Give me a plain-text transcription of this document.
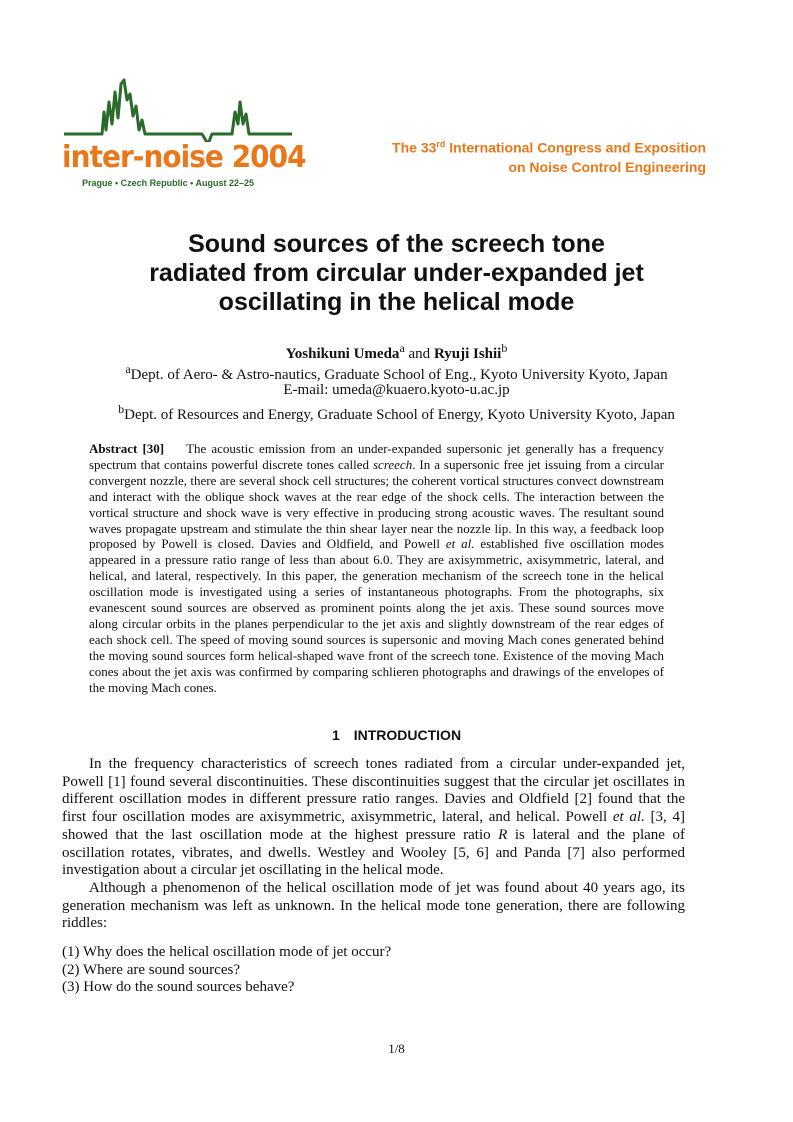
inter-noise 2004
Prague • Czech Republic • August 22–25
The 33rd International Congress and Exposition
on Noise Control Engineering
Sound sources of the screech tone
radiated from circular under-expanded jet
oscillating in the helical mode
Yoshikuni Umeda$^a$ and Ryuji Ishii$^b$
$^a$Dept. of Aero- & Astro-nautics, Graduate School of Eng., Kyoto University Kyoto, Japan
E-mail: umeda@kuaero.kyoto-u.ac.jp
$^b$Dept. of Resources and Energy, Graduate School of Energy, Kyoto University Kyoto, Japan
Abstract [30] The acoustic emission from an under-expanded supersonic jet generally has a frequency spectrum that contains powerful discrete tones called screech. In a supersonic free jet issuing from a circular convergent nozzle, there are several shock cell structures; the coherent vortical structures convect downstream and interact with the oblique shock waves at the rear edge of the shock cells. The interaction between the vortical structure and shock wave is very effective in producing strong acoustic waves. The resultant sound waves propagate upstream and stimulate the thin shear layer near the nozzle lip. In this way, a feedback loop proposed by Powell is closed. Davies and Oldfield, and Powell et al. established five oscillation modes appeared in a pressure ratio range of less than about 6.0. They are axisymmetric, axisymmetric, lateral, and helical, and lateral, respectively. In this paper, the generation mechanism of the screech tone in the helical oscillation mode is investigated using a series of instantaneous photographs. From the photographs, six evanescent sound sources are observed as prominent points along the jet axis. These sound sources move along circular orbits in the planes perpendicular to the jet axis and slightly downstream of the rear edges of each shock cell. The speed of moving sound sources is supersonic and moving Mach cones generated behind the moving sound sources form helical-shaped wave front of the screech tone. Existence of the moving Mach cones about the jet axis was confirmed by comparing schlieren photographs and drawings of the envelopes of the moving Mach cones.
1 INTRODUCTION

In the frequency characteristics of screech tones radiated from a circular under-expanded jet, Powell [1] found several discontinuities. These discontinuities suggest that the circular jet oscillates in different oscillation modes in different pressure ratio ranges. Davies and Oldfield [2] found that the first four oscillation modes are axisymmetric, axisymmetric, lateral, and helical. Powell et al. [3, 4] showed that the last oscillation mode at the highest pressure ratio R is lateral and the plane of oscillation rotates, vibrates, and dwells. Westley and Wooley [5, 6] and Panda [7] also performed investigation about a circular jet oscillating in the helical mode.

Although a phenomenon of the helical oscillation mode of jet was found about 40 years ago, its generation mechanism was left as unknown. In the helical mode tone generation, there are following riddles:

(1) Why does the helical oscillation mode of jet occur?
(2) Where are sound sources?
(3) How do the sound sources behave?
1/8
